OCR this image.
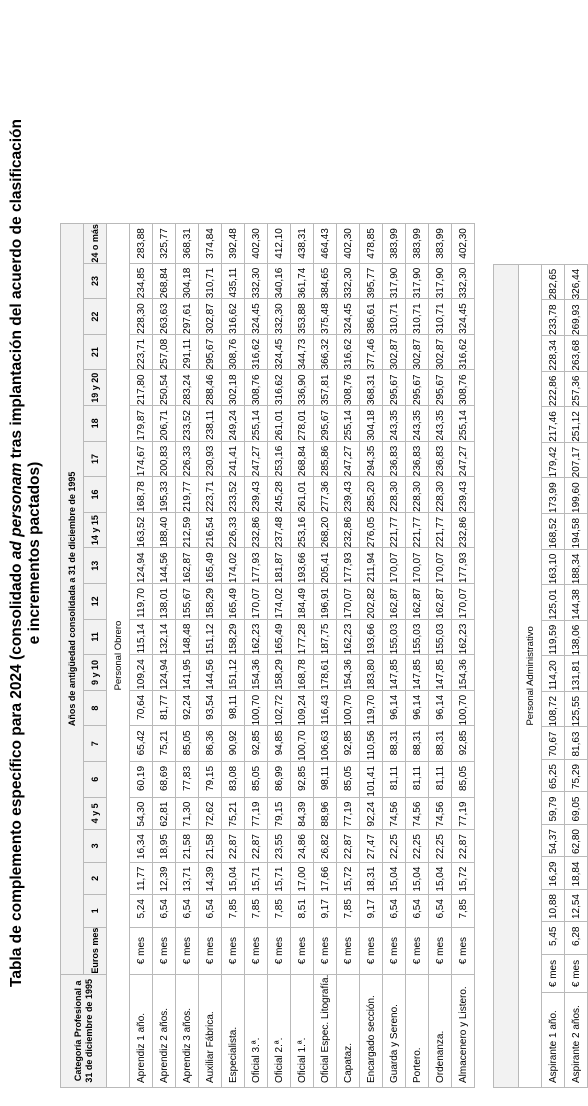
Tabla de complemento específico para 2024 (consolidado ad personam tras implantación del acuerdo de clasificación
e incrementos pactados)
Categoría Profesional a 31 de diciembre de 1995	Años de antigüedad consolidada a 31 de diciembre de 1995																				
	Euros mes	1	2	3	4 y 5	6	7	8	9 y 10	11	12	13	14 y 15	16	17	18	19 y 20	21	22	23	24 o más
Personal Obrero																					
Aprendiz 1 año.	€ mes	5,24	11,77	16,34	54,30	60,19	65,42	70,64	109,24	115,14	119,70	124,94	163,52	168,78	174,67	179,87	217,80	223,71	228,30	234,85	283,88
Aprendiz 2 años.	€ mes	6,54	12,39	18,95	62,81	68,69	75,21	81,77	124,94	132,14	138,01	144,56	188,40	195,33	200,83	206,71	250,54	257,08	263,63	268,84	325,77
Aprendiz 3 años.	€ mes	6,54	13,71	21,58	71,30	77,83	85,05	92,24	141,95	148,48	155,67	162,87	212,59	219,77	226,33	233,52	283,24	291,11	297,61	304,18	368,31
Auxiliar Fábrica.	€ mes	6,54	14,39	21,58	72,62	79,15	86,36	93,54	144,56	151,12	158,29	165,49	216,54	223,71	230,93	238,11	288,46	295,67	302,87	310,71	374,84
Especialista.	€ mes	7,85	15,04	22,87	75,21	83,08	90,92	98,11	151,12	158,29	165,49	174,02	226,33	233,52	241,41	249,24	302,18	308,76	316,62	435,11	392,48
Oficial 3.ª.	€ mes	7,85	15,71	22,87	77,19	85,05	92,85	100,70	154,36	162,23	170,07	177,93	232,86	239,43	247,27	255,14	308,76	316,62	324,45	332,30	402,30
Oficial 2.ª.	€ mes	7,85	15,71	23,55	79,15	86,99	94,85	102,72	158,29	165,49	174,02	181,87	237,48	245,28	253,16	261,01	316,62	324,45	332,30	340,16	412,10
Oficial 1.ª.	€ mes	8,51	17,00	24,86	84,39	92,85	100,70	109,24	168,78	177,28	184,49	193,66	253,16	261,01	268,84	278,01	336,90	344,73	353,88	361,74	438,31
Oficial Espec. Litografía.	€ mes	9,17	17,66	26,82	88,96	98,11	106,63	116,43	178,61	187,75	196,91	205,41	268,20	277,36	285,86	295,67	357,81	366,32	375,48	384,65	464,43
Capataz.	€ mes	7,85	15,72	22,87	77,19	85,05	92,85	100,70	154,36	162,23	170,07	177,93	232,86	239,43	247,27	255,14	308,76	316,62	324,45	332,30	402,30
Encargado sección.	€ mes	9,17	18,31	27,47	92,24	101,41	110,56	119,70	183,80	193,66	202,82	211,94	276,05	285,20	294,35	304,18	368,31	377,46	386,61	395,77	478,85
Guarda y Sereno.	€ mes	6,54	15,04	22,25	74,56	81,11	88,31	96,14	147,85	155,03	162,87	170,07	221,77	228,30	236,83	243,35	295,67	302,87	310,71	317,90	383,99
Portero.	€ mes	6,54	15,04	22,25	74,56	81,11	88,31	96,14	147,85	155,03	162,87	170,07	221,77	228,30	236,83	243,35	295,67	302,87	310,71	317,90	383,99
Ordenanza.	€ mes	6,54	15,04	22,25	74,56	81,11	88,31	96,14	147,85	155,03	162,87	170,07	221,77	228,30	236,83	243,35	295,67	302,87	310,71	317,90	383,99
Almacenero y Listero.	€ mes	7,85	15,72	22,87	77,19	85,05	92,85	100,70	154,36	162,23	170,07	177,93	232,86	239,43	247,27	255,14	308,76	316,62	324,45	332,30	402,30

Personal Administrativo																					
Aspirante 1 año.	€ mes	5,45	10,88	16,29	54,37	59,79	65,25	70,67	108,72	114,20	119,59	125,01	163,10	168,52	173,99	179,42	217,46	222,86	228,34	233,78	282,65
Aspirante 2 años.	€ mes	6,28	12,54	18,84	62,80	69,05	75,29	81,63	125,55	131,81	138,06	144,38	188,34	194,58	199,60	207,17	251,12	257,36	263,68	269,93	326,44
